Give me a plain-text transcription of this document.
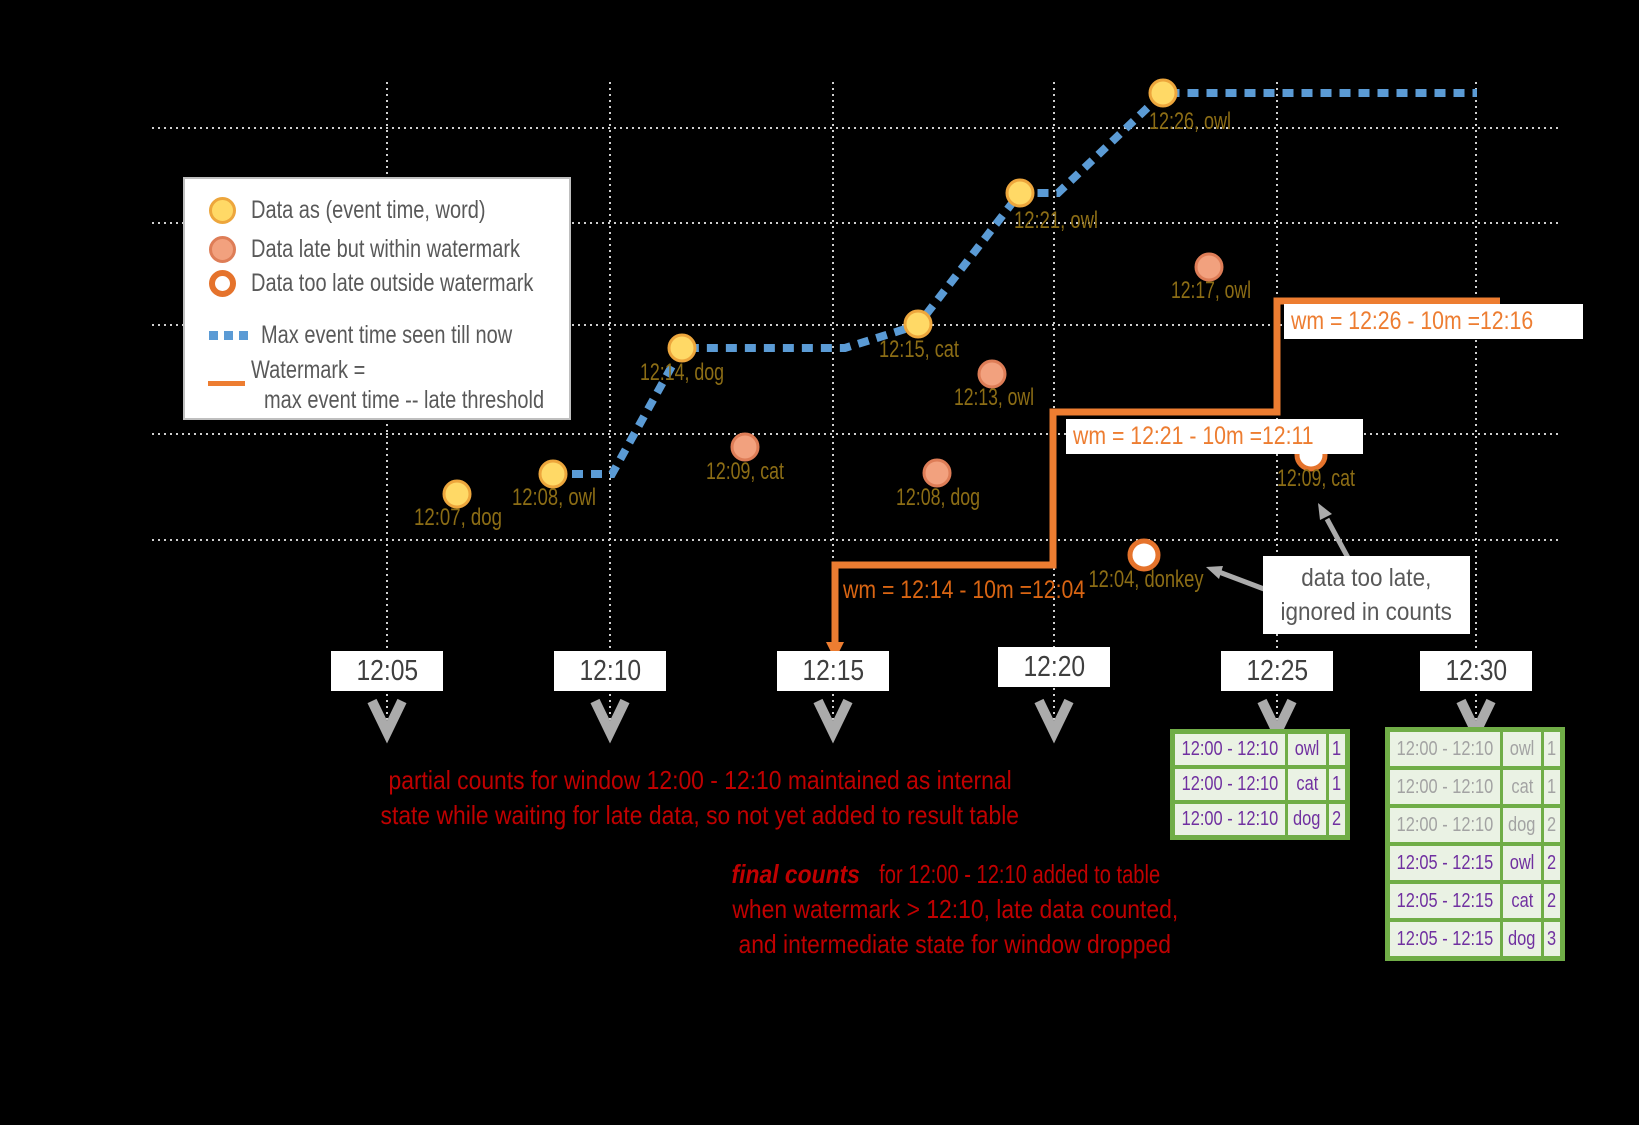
12:07, dog
12:08, owl
12:14, dog
12:09, cat
12:15, cat
12:13, owl
12:08, dog
12:21, owl
12:26, owl
12:17, owl
12:04, donkey
12:09, cat
Data as (event time, word)
Data late but within watermark
Data too late outside watermark
Max event time seen till now
Watermark =
max event time -- late threshold
12:05	12:10	12:15	12:20	12:25	12:30
wm = 12:14 - 10m =12:04
wm = 12:21 - 10m =12:11
wm = 12:26 - 10m =12:16
data too late,
ignored in counts
partial counts for window 12:00 - 12:10 maintained as internal
state while waiting for late data, so not yet added to result table
final countsfor 12:00 - 12:10 added to table
when watermark > 12:10, late data counted,
and intermediate state for window dropped
12:00 - 12:10 owl 1
12:00 - 12:10 cat 1
12:00 - 12:10 dog 2
12:00 - 12:10 owl 1
12:00 - 12:10 cat 1
12:00 - 12:10 dog 2
12:05 - 12:15 owl 2
12:05 - 12:15 cat 2
12:05 - 12:15 dog 3
